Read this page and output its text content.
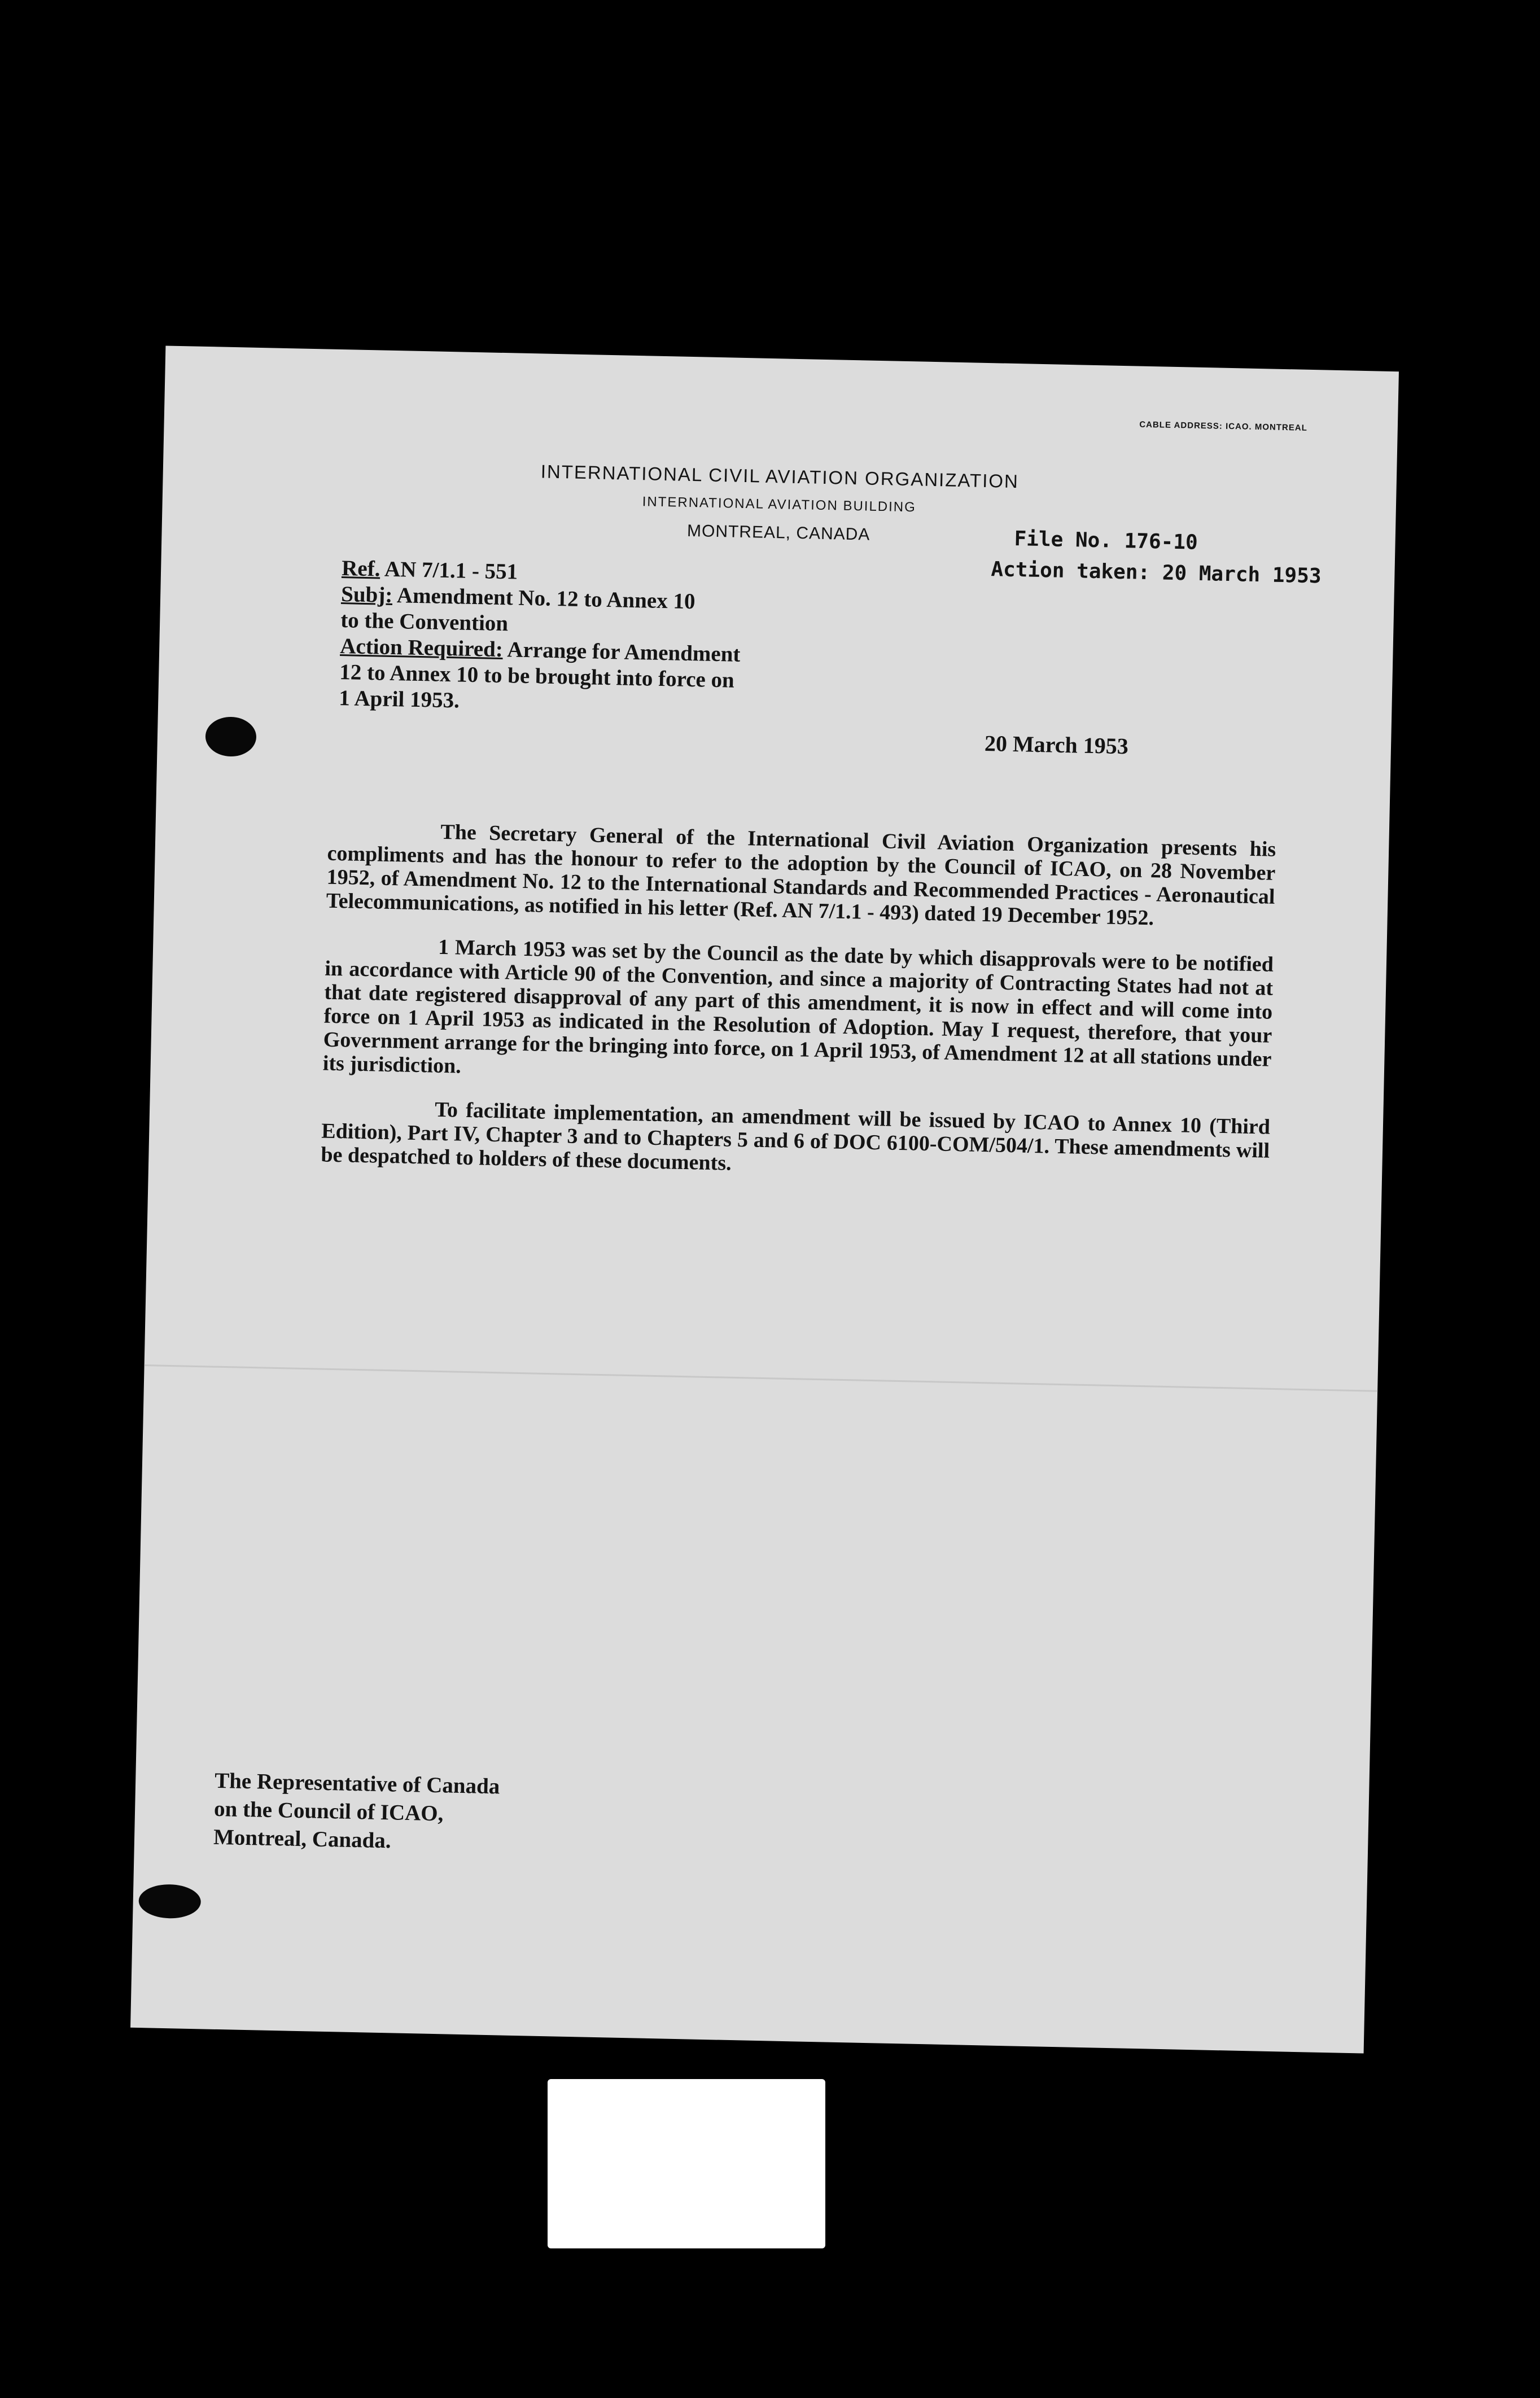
CABLE ADDRESS: ICAO. MONTREAL
INTERNATIONAL CIVIL AVIATION ORGANIZATION
INTERNATIONAL AVIATION BUILDING
MONTREAL, CANADA	File No. 176-10
Action taken: 20 March 1953
Ref. AN 7/1.1 - 551
Subj: Amendment No. 12 to Annex 10
to the Convention
Action Required: Arrange for Amendment
12 to Annex 10 to be brought into force on
1 April 1953.
20 March 1953

The Secretary General of the International Civil Aviation Organization presents his compliments and has the honour to refer to the adoption by the Council of ICAO, on 28 November 1952, of Amendment No. 12 to the International Standards and Recommended Practices - Aeronautical Telecommunications, as notified in his letter (Ref. AN 7/1.1 - 493) dated 19 December 1952.

1 March 1953 was set by the Council as the date by which disapprovals were to be notified in accordance with Article 90 of the Convention, and since a majority of Contracting States had not at that date registered disapproval of any part of this amendment, it is now in effect and will come into force on 1 April 1953 as indicated in the Resolution of Adoption. May I request, therefore, that your Government arrange for the bringing into force, on 1 April 1953, of Amendment 12 at all stations under its jurisdiction.

To facilitate implementation, an amendment will be issued by ICAO to Annex 10 (Third Edition), Part IV, Chapter 3 and to Chapters 5 and 6 of DOC 6100-COM/504/1. These amendments will be despatched to holders of these documents.

The Representative of Canada
on the Council of ICAO,
Montreal, Canada.
